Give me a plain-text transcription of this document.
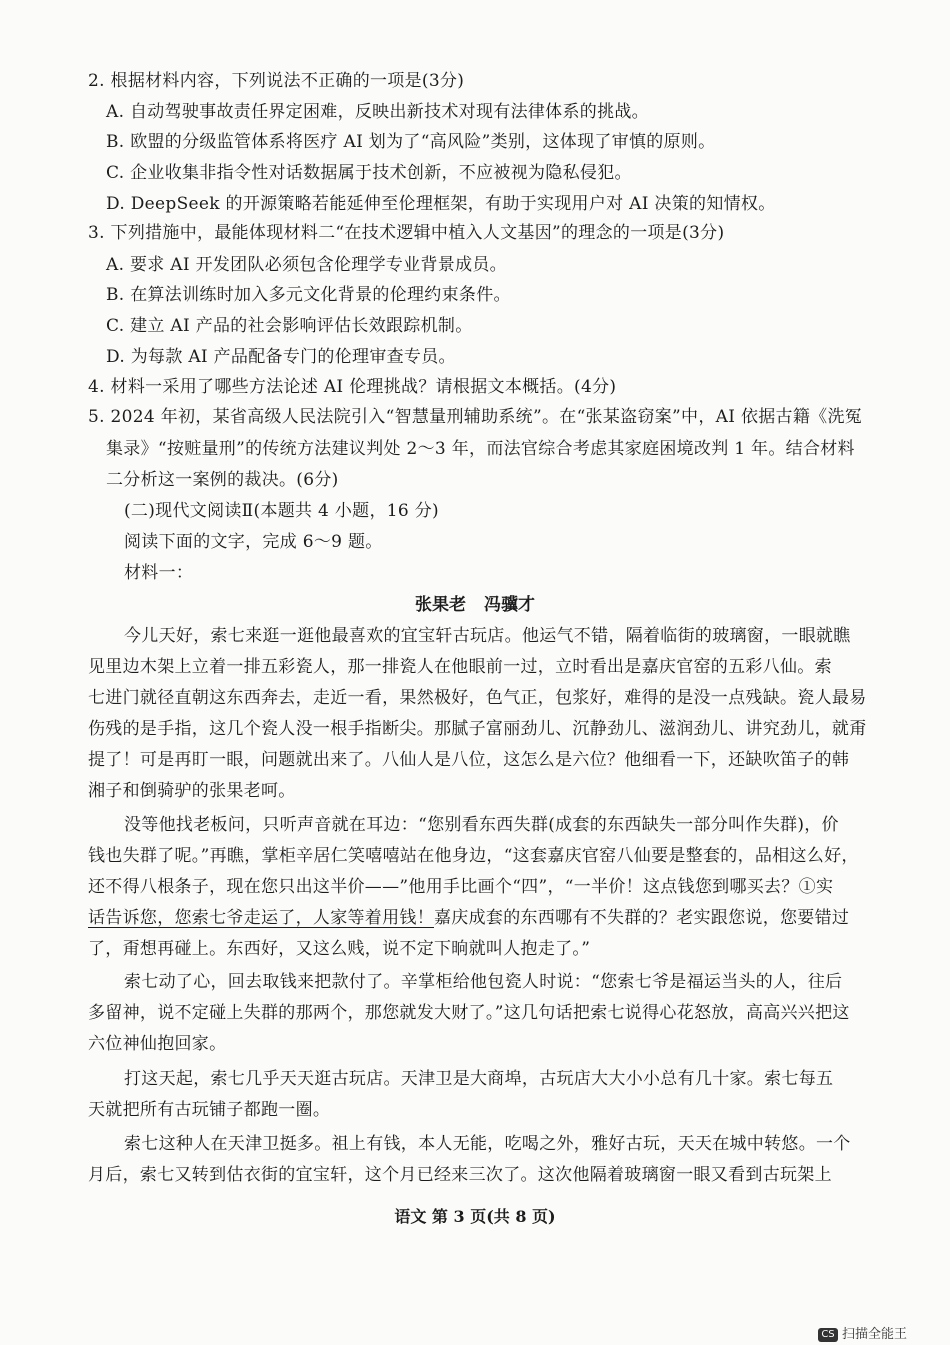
2. 根据材料内容，下列说法不正确的一项是(3分)
A. 自动驾驶事故责任界定困难，反映出新技术对现有法律体系的挑战。
B. 欧盟的分级监管体系将医疗 AI 划为了“高风险”类别，这体现了审慎的原则。
C. 企业收集非指令性对话数据属于技术创新，不应被视为隐私侵犯。
D. DeepSeek 的开源策略若能延伸至伦理框架，有助于实现用户对 AI 决策的知情权。
3. 下列措施中，最能体现材料二“在技术逻辑中植入人文基因”的理念的一项是(3分)
A. 要求 AI 开发团队必须包含伦理学专业背景成员。
B. 在算法训练时加入多元文化背景的伦理约束条件。
C. 建立 AI 产品的社会影响评估长效跟踪机制。
D. 为每款 AI 产品配备专门的伦理审查专员。
4. 材料一采用了哪些方法论述 AI 伦理挑战？请根据文本概括。(4分)
5. 2024 年初，某省高级人民法院引入“智慧量刑辅助系统”。在“张某盗窃案”中，AI 依据古籍《洗冤
集录》“按赃量刑”的传统方法建议判处 2～3 年，而法官综合考虑其家庭困境改判 1 年。结合材料
二分析这一案例的裁决。(6分)
(二)现代文阅读Ⅱ(本题共 4 小题，16 分)
阅读下面的文字，完成 6～9 题。
材料一：
张果老 冯骥才
今儿天好，索七来逛一逛他最喜欢的宜宝轩古玩店。他运气不错，隔着临街的玻璃窗，一眼就瞧
见里边木架上立着一排五彩瓷人，那一排瓷人在他眼前一过，立时看出是嘉庆官窑的五彩八仙。索
七进门就径直朝这东西奔去，走近一看，果然极好，色气正，包浆好，难得的是没一点残缺。瓷人最易
伤残的是手指，这几个瓷人没一根手指断尖。那腻子富丽劲儿、沉静劲儿、滋润劲儿、讲究劲儿，就甭
提了！可是再盯一眼，问题就出来了。八仙人是八位，这怎么是六位？他细看一下，还缺吹笛子的韩
湘子和倒骑驴的张果老呵。
没等他找老板问，只听声音就在耳边：“您别看东西失群(成套的东西缺失一部分叫作失群)，价
钱也失群了呢。”再瞧，掌柜辛居仁笑嘻嘻站在他身边，“这套嘉庆官窑八仙要是整套的，品相这么好，
还不得八根条子，现在您只出这半价——”他用手比画个“四”，“一半价！这点钱您到哪买去？①实
话告诉您，您索七爷走运了，人家等着用钱！嘉庆成套的东西哪有不失群的？老实跟您说，您要错过
了，甭想再碰上。东西好，又这么贱，说不定下晌就叫人抱走了。”
索七动了心，回去取钱来把款付了。辛掌柜给他包瓷人时说：“您索七爷是福运当头的人，往后
多留神，说不定碰上失群的那两个，那您就发大财了。”这几句话把索七说得心花怒放，高高兴兴把这
六位神仙抱回家。
打这天起，索七几乎天天逛古玩店。天津卫是大商埠，古玩店大大小小总有几十家。索七每五
天就把所有古玩铺子都跑一圈。
索七这种人在天津卫挺多。祖上有钱，本人无能，吃喝之外，雅好古玩，天天在城中转悠。一个
月后，索七又转到估衣街的宜宝轩，这个月已经来三次了。这次他隔着玻璃窗一眼又看到古玩架上
语文 第 3 页(共 8 页)
CS 扫描全能王
